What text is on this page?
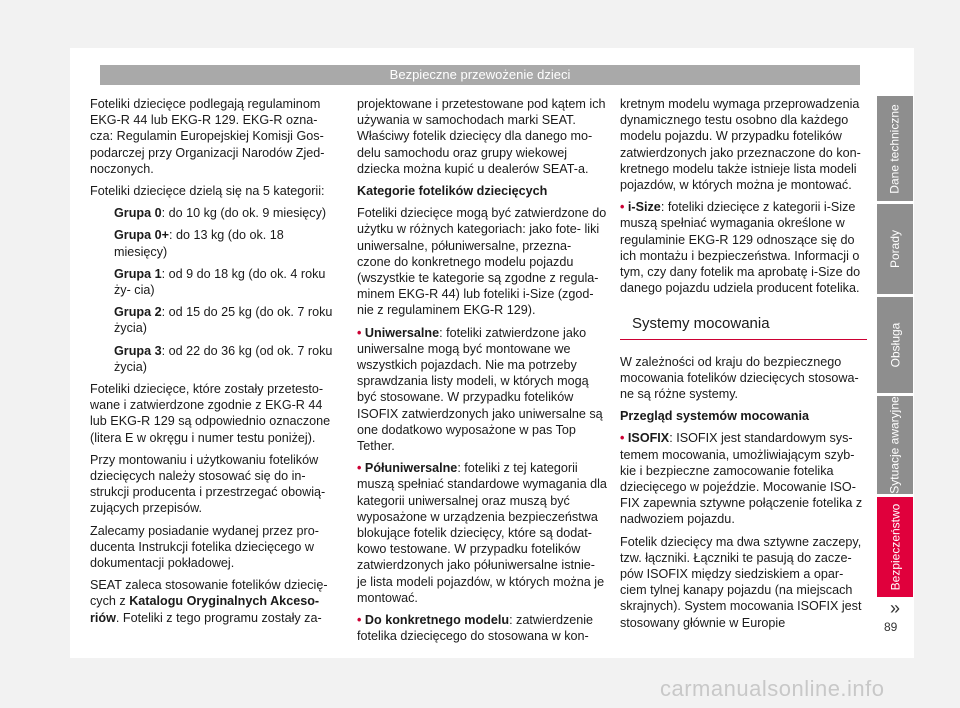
Bezpieczne przewożenie dzieci

Foteliki dziecięce podlegają regulaminom EKG-R 44 lub EKG-R 129. EKG-R ozna- cza: Regulamin Europejskiej Komisji Gos- podarczej przy Organizacji Narodów Zjed- noczonych.

Foteliki dziecięce dzielą się na 5 kategorii:

Grupa 0: do 10 kg (do ok. 9 miesięcy)

Grupa 0+: do 13 kg (do ok. 18 miesięcy)

Grupa 1: od 9 do 18 kg (do ok. 4 roku ży- cia)

Grupa 2: od 15 do 25 kg (do ok. 7 roku życia)

Grupa 3: od 22 do 36 kg (od ok. 7 roku życia)

Foteliki dziecięce, które zostały przetesto- wane i zatwierdzone zgodnie z EKG-R 44 lub EKG-R 129 są odpowiednio oznaczone (litera E w okręgu i numer testu poniżej).

Przy montowaniu i użytkowaniu fotelików dziecięcych należy stosować się do in- strukcji producenta i przestrzegać obowią- zujących przepisów.

Zalecamy posiadanie wydanej przez pro- ducenta Instrukcji fotelika dziecięcego w dokumentacji pokładowej.

SEAT zaleca stosowanie fotelików dziecię- cych z Katalogu Oryginalnych Akceso- riów. Foteliki z tego programu zostały za-

projektowane i przetestowane pod kątem ich używania w samochodach marki SEAT. Właściwy fotelik dziecięcy dla danego mo- delu samochodu oraz grupy wiekowej dziecka można kupić u dealerów SEAT-a.

Kategorie fotelików dziecięcych

Foteliki dziecięce mogą być zatwierdzone do użytku w różnych kategoriach: jako fote- liki uniwersalne, półuniwersalne, przezna- czone do konkretnego modelu pojazdu (wszystkie te kategorie są zgodne z regula- minem EKG-R 44) lub foteliki i-Size (zgod- nie z regulaminem EKG-R 129).

• Uniwersalne: foteliki zatwierdzone jako uniwersalne mogą być montowane we wszystkich pojazdach. Nie ma potrzeby sprawdzania listy modeli, w których mogą być stosowane. W przypadku fotelików ISOFIX zatwierdzonych jako uniwersalne są one dodatkowo wyposażone w pas Top Tether.

• Półuniwersalne: foteliki z tej kategorii muszą spełniać standardowe wymagania dla kategorii uniwersalnej oraz muszą być wyposażone w urządzenia bezpieczeństwa blokujące fotelik dziecięcy, które są dodat- kowo testowane. W przypadku fotelików zatwierdzonych jako półuniwersalne istnie- je lista modeli pojazdów, w których można je montować.

• Do konkretnego modelu: zatwierdzenie fotelika dziecięcego do stosowana w kon-

kretnym modelu wymaga przeprowadzenia dynamicznego testu osobno dla każdego modelu pojazdu. W przypadku fotelików zatwierdzonych jako przeznaczone do kon- kretnego modelu także istnieje lista modeli pojazdów, w których można je montować.

• i-Size: foteliki dziecięce z kategorii i-Size muszą spełniać wymagania określone w regulaminie EKG-R 129 odnoszące się do ich montażu i bezpieczeństwa. Informacji o tym, czy dany fotelik ma aprobatę i-Size do danego pojazdu udziela producent fotelika.

Systemy mocowania

W zależności od kraju do bezpiecznego mocowania fotelików dziecięcych stosowa- ne są różne systemy.

Przegląd systemów mocowania

• ISOFIX: ISOFIX jest standardowym sys- temem mocowania, umożliwiającym szyb- kie i bezpieczne zamocowanie fotelika dziecięcego w pojeździe. Mocowanie ISO- FIX zapewnia sztywne połączenie fotelika z nadwoziem pojazdu.

Fotelik dziecięcy ma dwa sztywne zaczepy, tzw. łączniki. Łączniki te pasują do zacze- pów ISOFIX między siedziskiem a opar- ciem tylnej kanapy pojazdu (na miejscach skrajnych). System mocowania ISOFIX jest stosowany głównie w Europie

Dane techniczne
Porady
Obsługa
Sytuacje awaryjne
Bezpieczeństwo
»
89
carmanualsonline.info
